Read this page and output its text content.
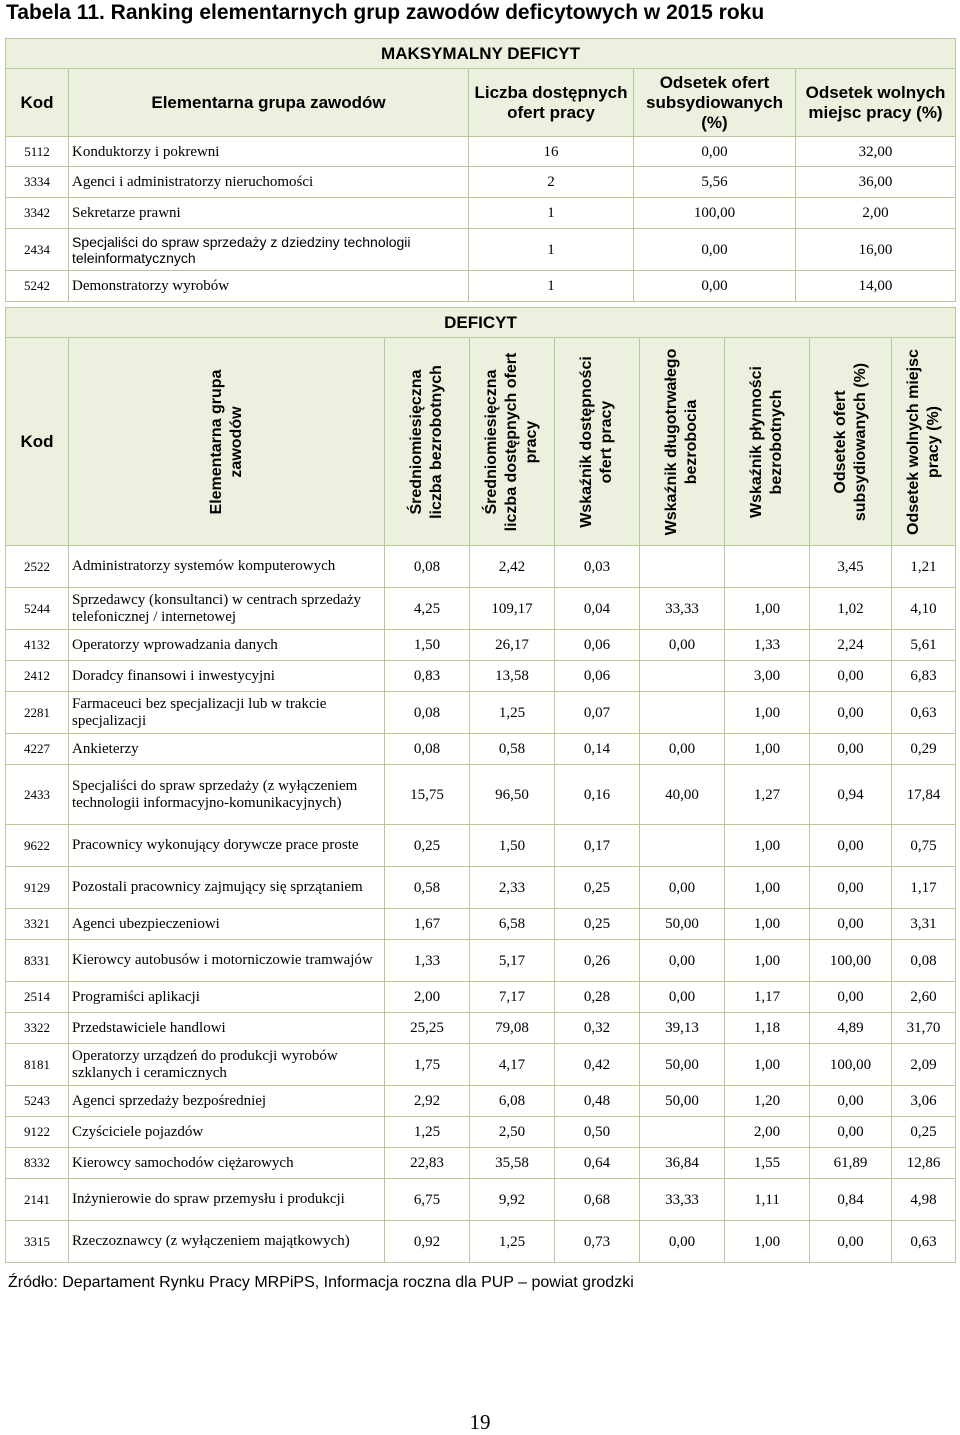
Tabela 11. Ranking elementarnych grup zawodów deficytowych w 2015 roku
MAKSYMALNY DEFICYT				
Kod	Elementarna grupa zawodów	Liczba dostępnych ofert pracy	Odsetek ofert subsydiowanych (%)	Odsetek wolnych miejsc pracy (%)
5112	Konduktorzy i pokrewni	16	0,00	32,00
3334	Agenci i administratorzy nieruchomości	2	5,56	36,00
3342	Sekretarze prawni	1	100,00	2,00
2434	Specjaliści do spraw sprzedaży z dziedziny technologii teleinformatycznych	1	0,00	16,00
5242	Demonstratorzy wyrobów	1	0,00	14,00
DEFICYT								
Kod	Elementarna grupa zawodów	Średniomiesięczna liczba bezrobotnych	Średniomiesięczna liczba dostępnych ofert pracy	Wskaźnik dostępności ofert pracy	Wskaźnik długotrwałego bezrobocia	Wskaźnik płynności bezrobotnych	Odsetek ofert subsydiowanych (%)	Odsetek wolnych miejsc pracy (%)

2522	Administratorzy systemów komputerowych	0,08	2,42	0,03			3,45	1,21
5244	Sprzedawcy (konsultanci) w centrach sprzedaży telefonicznej / internetowej	4,25	109,17	0,04	33,33	1,00	1,02	4,10
4132	Operatorzy wprowadzania danych	1,50	26,17	0,06	0,00	1,33	2,24	5,61
2412	Doradcy finansowi i inwestycyjni	0,83	13,58	0,06		3,00	0,00	6,83
2281	Farmaceuci bez specjalizacji lub w trakcie specjalizacji	0,08	1,25	0,07		1,00	0,00	0,63
4227	Ankieterzy	0,08	0,58	0,14	0,00	1,00	0,00	0,29
2433	Specjaliści do spraw sprzedaży (z wyłączeniem technologii informacyjno-komunikacyjnych)	15,75	96,50	0,16	40,00	1,27	0,94	17,84
9622	Pracownicy wykonujący dorywcze prace proste	0,25	1,50	0,17		1,00	0,00	0,75
9129	Pozostali pracownicy zajmujący się sprzątaniem	0,58	2,33	0,25	0,00	1,00	0,00	1,17
3321	Agenci ubezpieczeniowi	1,67	6,58	0,25	50,00	1,00	0,00	3,31
8331	Kierowcy autobusów i motorniczowie tramwajów	1,33	5,17	0,26	0,00	1,00	100,00	0,08
2514	Programiści aplikacji	2,00	7,17	0,28	0,00	1,17	0,00	2,60
3322	Przedstawiciele handlowi	25,25	79,08	0,32	39,13	1,18	4,89	31,70
8181	Operatorzy urządzeń do produkcji wyrobów szklanych i ceramicznych	1,75	4,17	0,42	50,00	1,00	100,00	2,09
5243	Agenci sprzedaży bezpośredniej	2,92	6,08	0,48	50,00	1,20	0,00	3,06
9122	Czyściciele pojazdów	1,25	2,50	0,50		2,00	0,00	0,25
8332	Kierowcy samochodów ciężarowych	22,83	35,58	0,64	36,84	1,55	61,89	12,86
2141	Inżynierowie do spraw przemysłu i produkcji	6,75	9,92	0,68	33,33	1,11	0,84	4,98
3315	Rzeczoznawcy (z wyłączeniem majątkowych)	0,92	1,25	0,73	0,00	1,00	0,00	0,63
Źródło: Departament Rynku Pracy MRPiPS, Informacja roczna dla PUP – powiat grodzki
19
